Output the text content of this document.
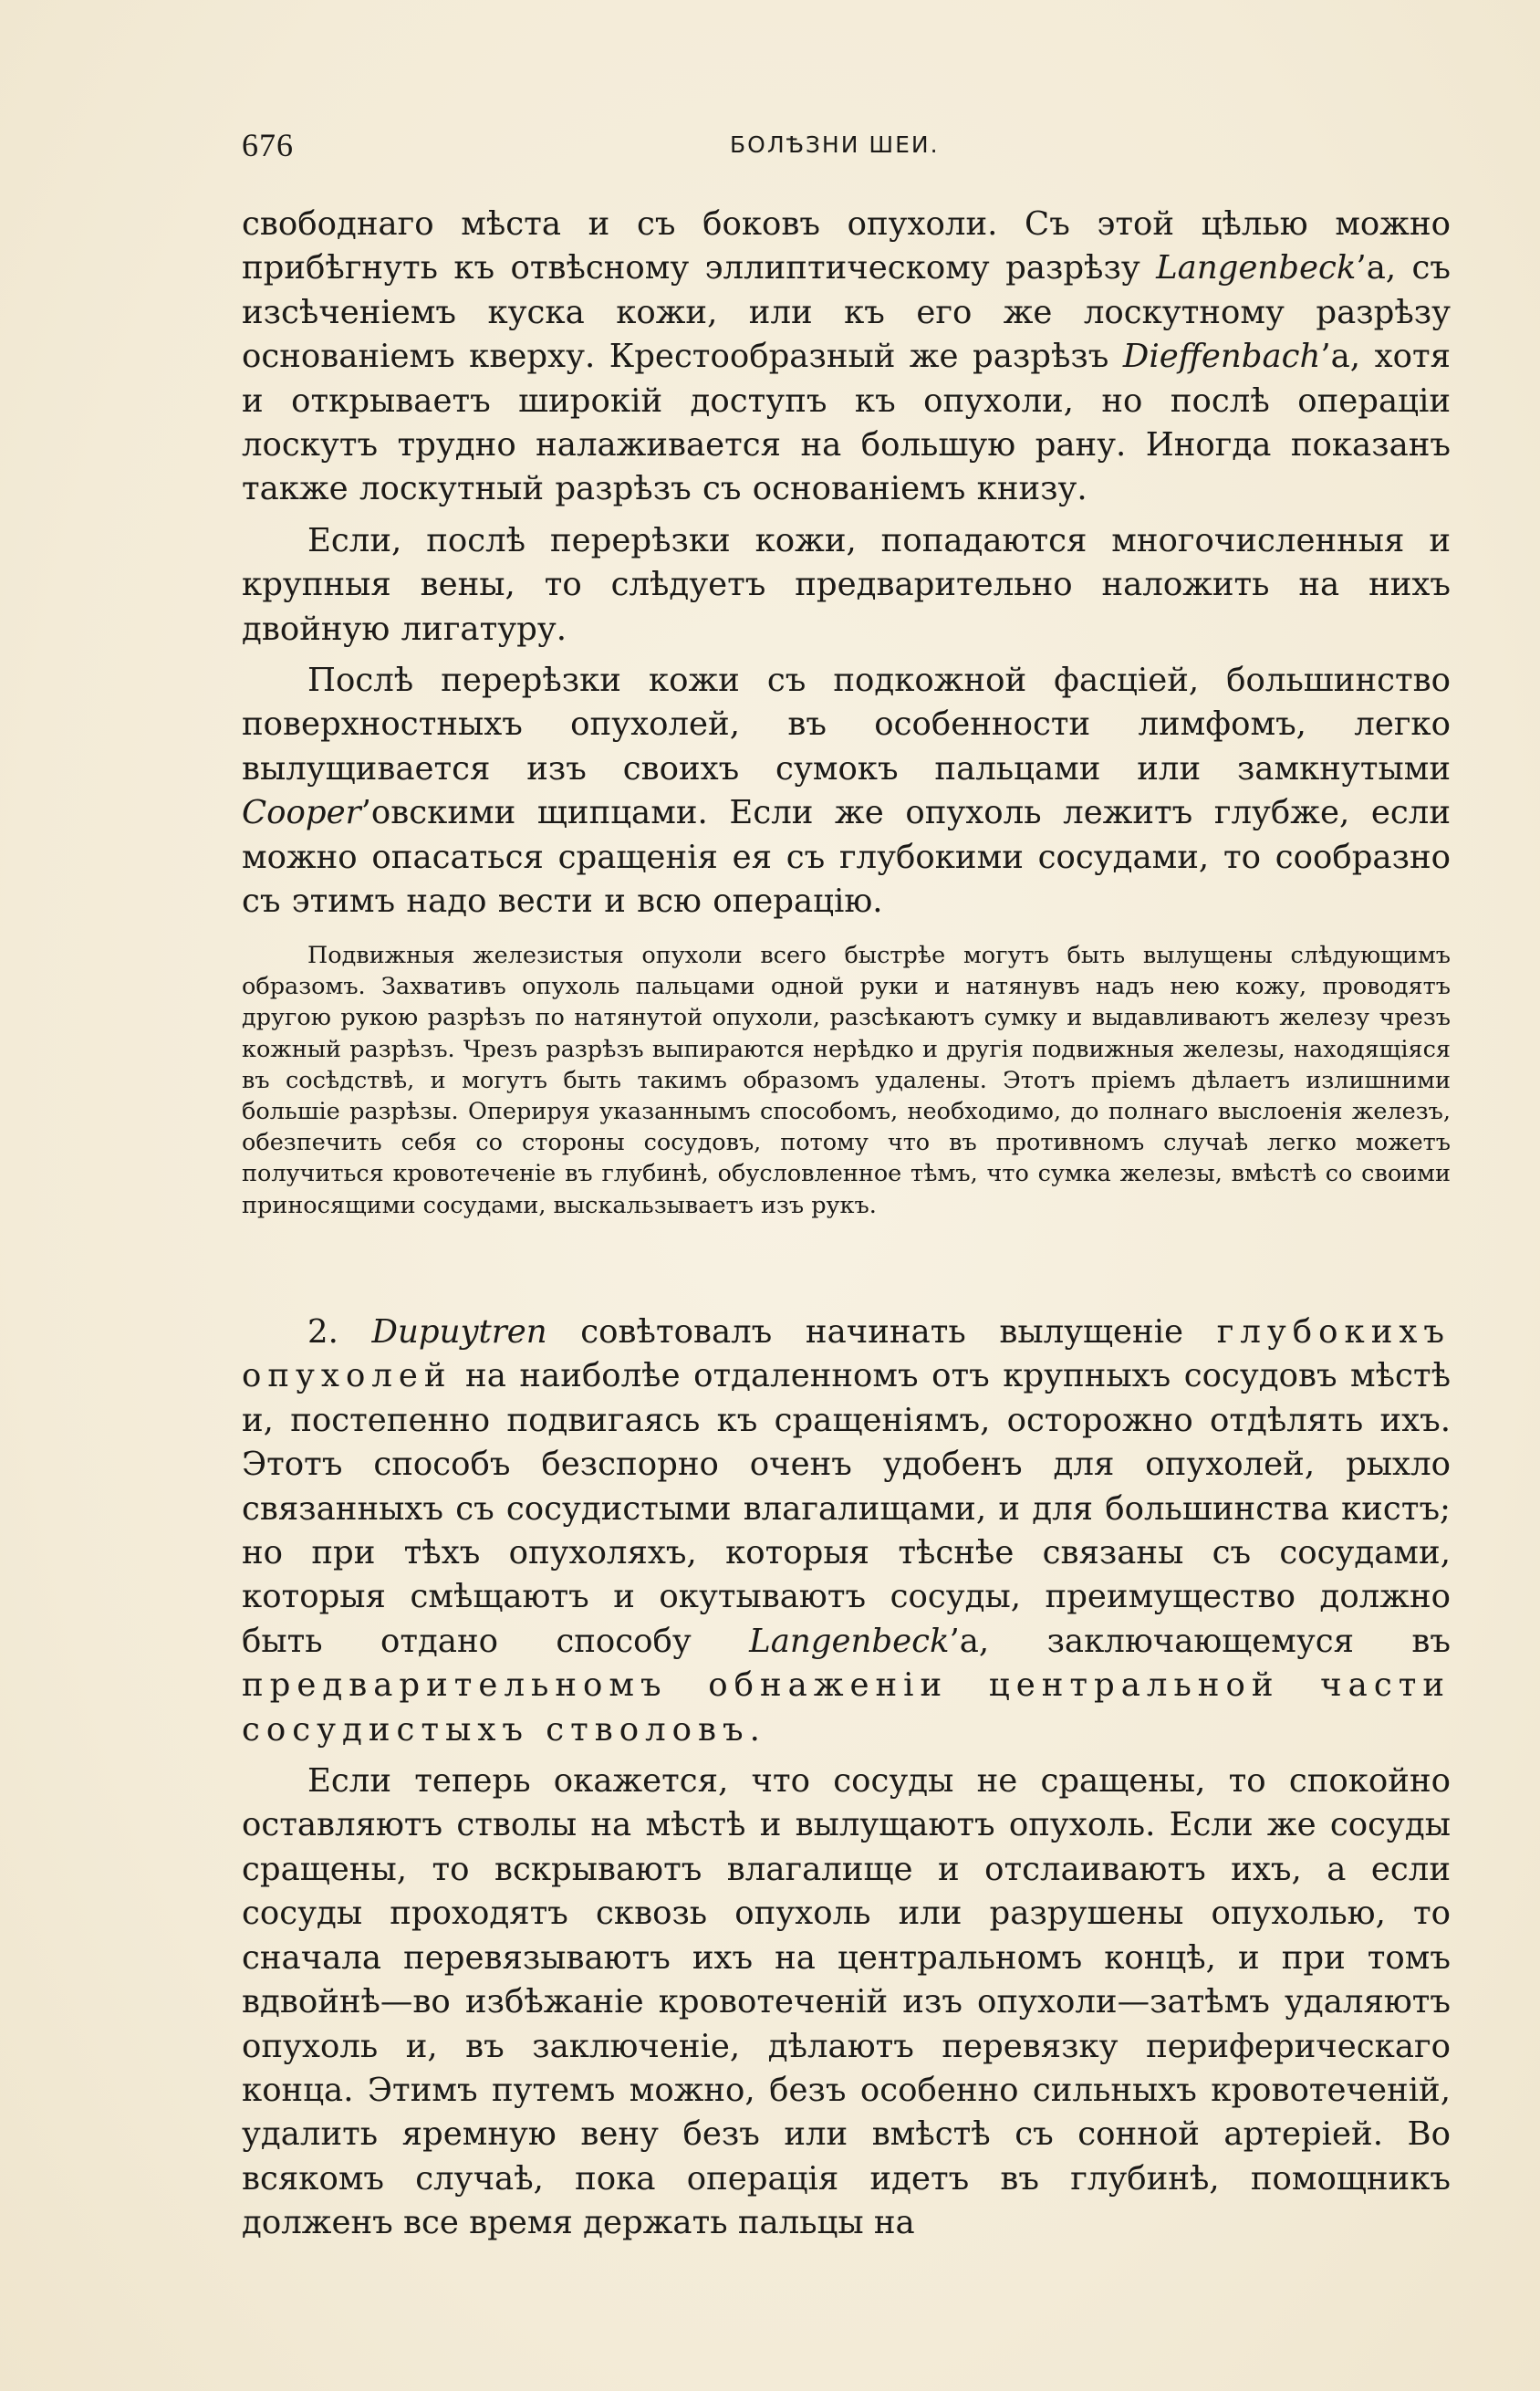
676	БОЛѢЗНИ ШЕИ.

свободнаго мѣста и съ боковъ опухоли. Съ этой цѣлью можно прибѣгнуть къ отвѣсному эллиптическому разрѣзу Langenbeck’а, съ изсѣченіемъ куска кожи, или къ его же лоскутному разрѣзу основаніемъ кверху. Крестообразный же разрѣзъ Dieffenbach’а, хотя и открываетъ широкій доступъ къ опухоли, но послѣ операціи лоскутъ трудно налаживается на большую рану. Иногда показанъ также лоскутный разрѣзъ съ основаніемъ книзу.

Если, послѣ перерѣзки кожи, попадаются многочисленныя и крупныя вены, то слѣдуетъ предварительно наложить на нихъ двойную лигатуру.

Послѣ перерѣзки кожи съ подкожной фасціей, большинство поверхностныхъ опухолей, въ особенности лимфомъ, легко вылущивается изъ своихъ сумокъ пальцами или замкнутыми Cooper’овскими щипцами. Если же опухоль лежитъ глубже, если можно опасаться сращенія ея съ глубокими сосудами, то сообразно съ этимъ надо вести и всю операцію.

Подвижныя железистыя опухоли всего быстрѣе могутъ быть вылущены слѣдующимъ образомъ. Захвативъ опухоль пальцами одной руки и натянувъ надъ нею кожу, проводятъ другою рукою разрѣзъ по натянутой опухоли, разсѣкаютъ сумку и выдавливаютъ железу чрезъ кожный разрѣзъ. Чрезъ разрѣзъ выпираются нерѣдко и другія подвижныя железы, находящіяся въ сосѣдствѣ, и могутъ быть такимъ образомъ удалены. Этотъ пріемъ дѣлаетъ излишними большіе разрѣзы. Оперируя указаннымъ способомъ, необходимо, до полнаго выслоенія железъ, обезпечить себя со стороны сосудовъ, потому что въ противномъ случаѣ легко можетъ получиться кровотеченіе въ глубинѣ, обусловленное тѣмъ, что сумка железы, вмѣстѣ со своими приносящими сосудами, выскальзываетъ изъ рукъ.

2. Dupuytren совѣтовалъ начинать вылущеніе глубокихъ опухолей на наиболѣе отдаленномъ отъ крупныхъ сосудовъ мѣстѣ и, постепенно подвигаясь къ сращеніямъ, осторожно отдѣлять ихъ. Этотъ способъ безспорно оченъ удобенъ для опухолей, рыхло связанныхъ съ сосудистыми влагалищами, и для большинства кистъ; но при тѣхъ опухоляхъ, которыя тѣснѣе связаны съ сосудами, которыя смѣщаютъ и окутываютъ сосуды, преимущество должно быть отдано способу Langenbeck’а, заключающемуся въ предварительномъ обнаженіи центральной части сосудистыхъ стволовъ.

Если теперь окажется, что сосуды не сращены, то спокойно оставляютъ стволы на мѣстѣ и вылущаютъ опухоль. Если же сосуды сращены, то вскрываютъ влагалище и отслаиваютъ ихъ, а если сосуды проходятъ сквозь опухоль или разрушены опухолью, то сначала перевязываютъ ихъ на центральномъ концѣ, и при томъ вдвойнѣ—во избѣжаніе кровотеченій изъ опухоли—затѣмъ удаляютъ опухоль и, въ заключеніе, дѣлаютъ перевязку периферическаго конца. Этимъ путемъ можно, безъ особенно сильныхъ кровотеченій, удалить яремную вену безъ или вмѣстѣ съ сонной артеріей. Во всякомъ случаѣ, пока операція идетъ въ глубинѣ, помощникъ долженъ все время держать пальцы на
